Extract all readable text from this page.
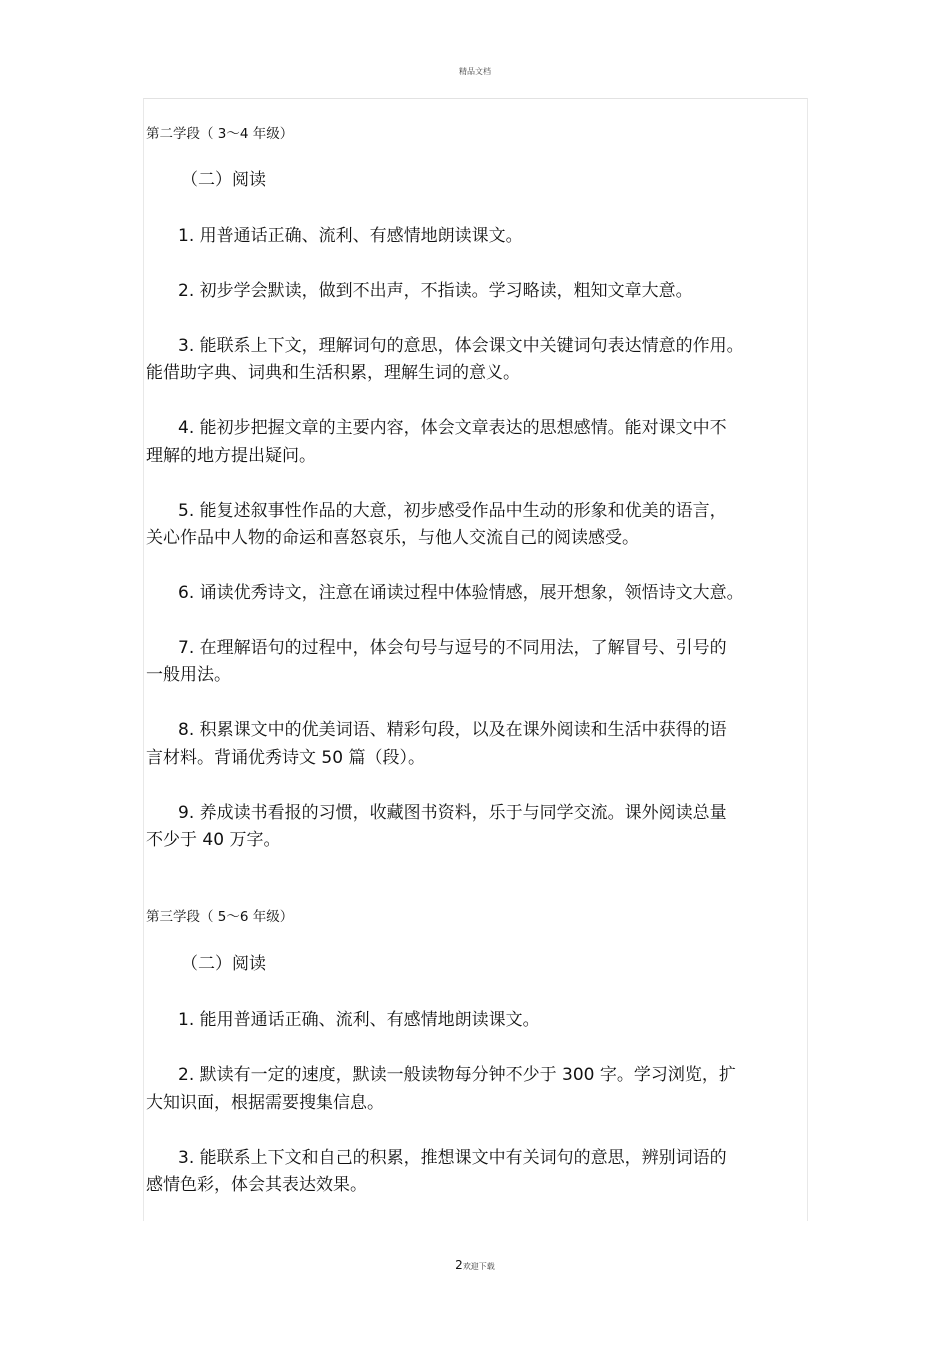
精品文档
第二学段（ 3～4 年级）
（二）阅读
1. 用普通话正确、流利、有感情地朗读课文。
2. 初步学会默读，做到不出声，不指读。学习略读，粗知文章大意。
3. 能联系上下文，理解词句的意思，体会课文中关键词句表达情意的作用。
能借助字典、词典和生活积累，理解生词的意义。
4. 能初步把握文章的主要内容，体会文章表达的思想感情。能对课文中不
理解的地方提出疑问。
5. 能复述叙事性作品的大意，初步感受作品中生动的形象和优美的语言，
关心作品中人物的命运和喜怒哀乐，与他人交流自己的阅读感受。
6. 诵读优秀诗文，注意在诵读过程中体验情感，展开想象，领悟诗文大意。
7. 在理解语句的过程中，体会句号与逗号的不同用法，了解冒号、引号的
一般用法。
8. 积累课文中的优美词语、精彩句段，以及在课外阅读和生活中获得的语
言材料。背诵优秀诗文 50 篇（段）。
9. 养成读书看报的习惯，收藏图书资料，乐于与同学交流。课外阅读总量
不少于 40 万字。
第三学段（ 5～6 年级）
（二）阅读
1. 能用普通话正确、流利、有感情地朗读课文。
2. 默读有一定的速度，默读一般读物每分钟不少于 300 字。学习浏览，扩
大知识面，根据需要搜集信息。
3. 能联系上下文和自己的积累，推想课文中有关词句的意思，辨别词语的
感情色彩，体会其表达效果。
2欢迎下载
